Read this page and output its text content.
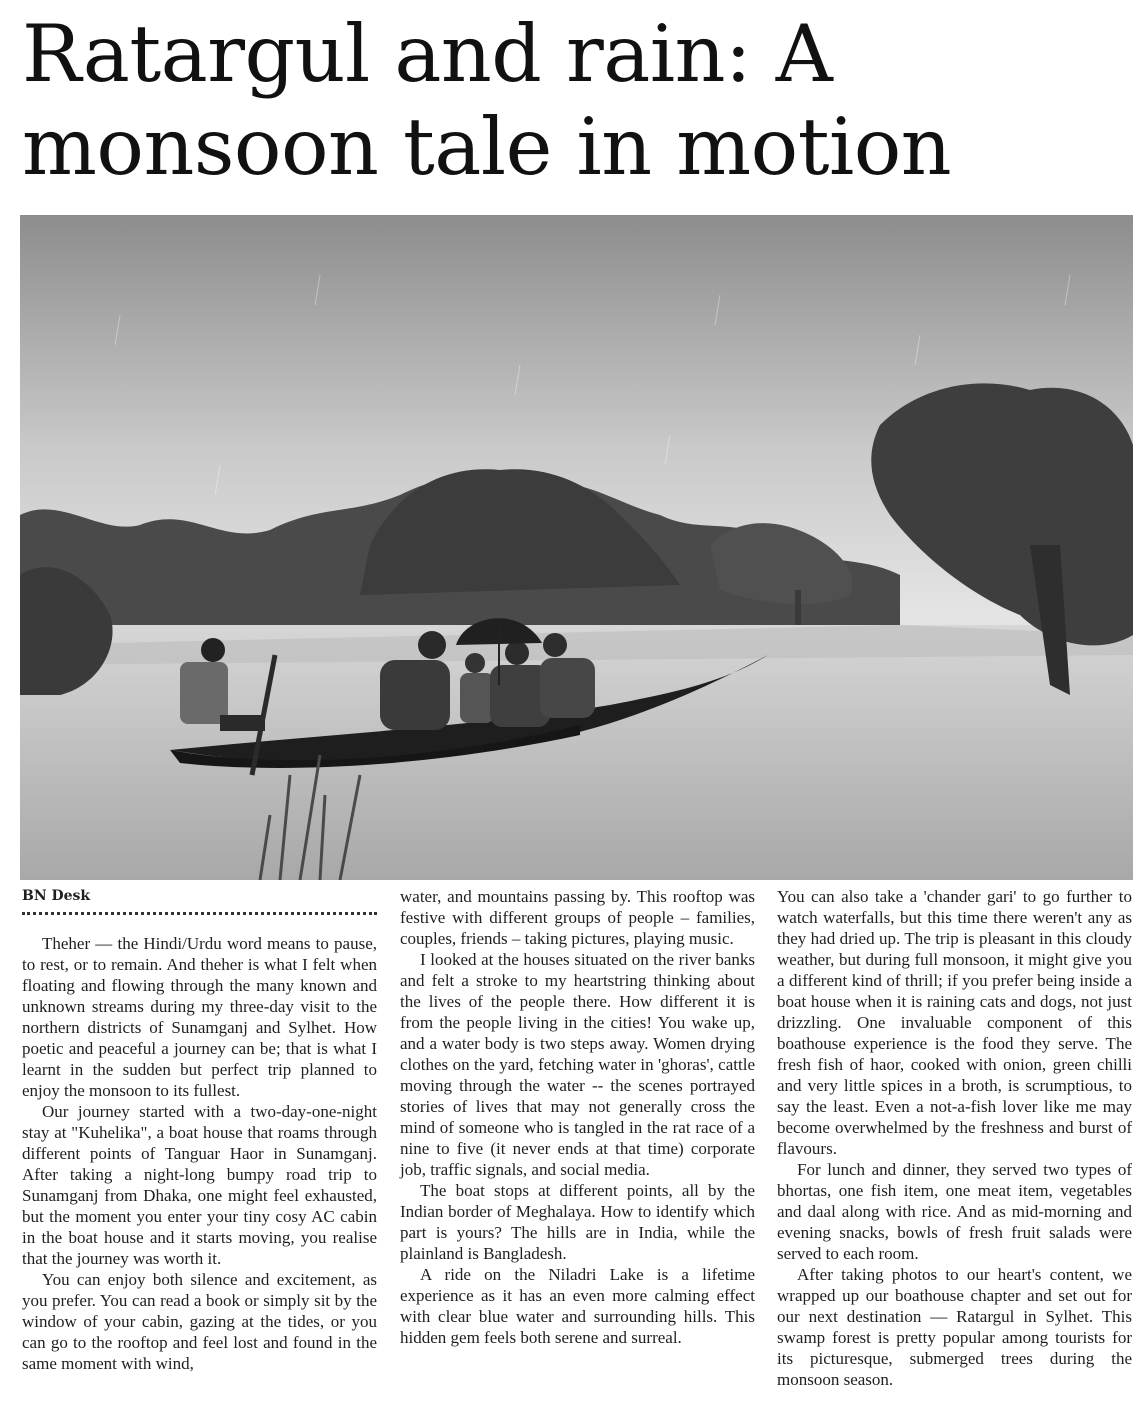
Ratargul and rain: A monsoon tale in motion
BN Desk

Theher — the Hindi/Urdu word means to pause, to rest, or to remain. And theher is what I felt when floating and flowing through the many known and unknown streams during my three-day visit to the northern districts of Sunamganj and Sylhet. How poetic and peaceful a journey can be; that is what I learnt in the sudden but perfect trip planned to enjoy the monsoon to its fullest.

Our journey started with a two-day-one-night stay at "Kuhelika", a boat house that roams through different points of Tanguar Haor in Sunamganj. After taking a night-long bumpy road trip to Sunamganj from Dhaka, one might feel exhausted, but the moment you enter your tiny cosy AC cabin in the boat house and it starts moving, you realise that the journey was worth it.

You can enjoy both silence and excitement, as you prefer. You can read a book or simply sit by the window of your cabin, gazing at the tides, or you can go to the rooftop and feel lost and found in the same moment with wind,

water, and mountains passing by. This rooftop was festive with different groups of people – families, couples, friends – taking pictures, playing music.

I looked at the houses situated on the river banks and felt a stroke to my heartstring thinking about the lives of the people there. How different it is from the people living in the cities! You wake up, and a water body is two steps away. Women drying clothes on the yard, fetching water in 'ghoras', cattle moving through the water -- the scenes portrayed stories of lives that may not generally cross the mind of someone who is tangled in the rat race of a nine to five (it never ends at that time) corporate job, traffic signals, and social media.

The boat stops at different points, all by the Indian border of Meghalaya. How to identify which part is yours? The hills are in India, while the plainland is Bangladesh.

A ride on the Niladri Lake is a lifetime experience as it has an even more calming effect with clear blue water and surrounding hills. This hidden gem feels both serene and surreal.

You can also take a 'chander gari' to go further to watch waterfalls, but this time there weren't any as they had dried up. The trip is pleasant in this cloudy weather, but during full monsoon, it might give you a different kind of thrill; if you prefer being inside a boat house when it is raining cats and dogs, not just drizzling. One invaluable component of this boathouse experience is the food they serve. The fresh fish of haor, cooked with onion, green chilli and very little spices in a broth, is scrumptious, to say the least. Even a not-a-fish lover like me may become overwhelmed by the freshness and burst of flavours.

For lunch and dinner, they served two types of bhortas, one fish item, one meat item, vegetables and daal along with rice. And as mid-morning and evening snacks, bowls of fresh fruit salads were served to each room.

After taking photos to our heart's content, we wrapped up our boathouse chapter and set out for our next destination — Ratargul in Sylhet. This swamp forest is pretty popular among tourists for its picturesque, submerged trees during the monsoon season.
